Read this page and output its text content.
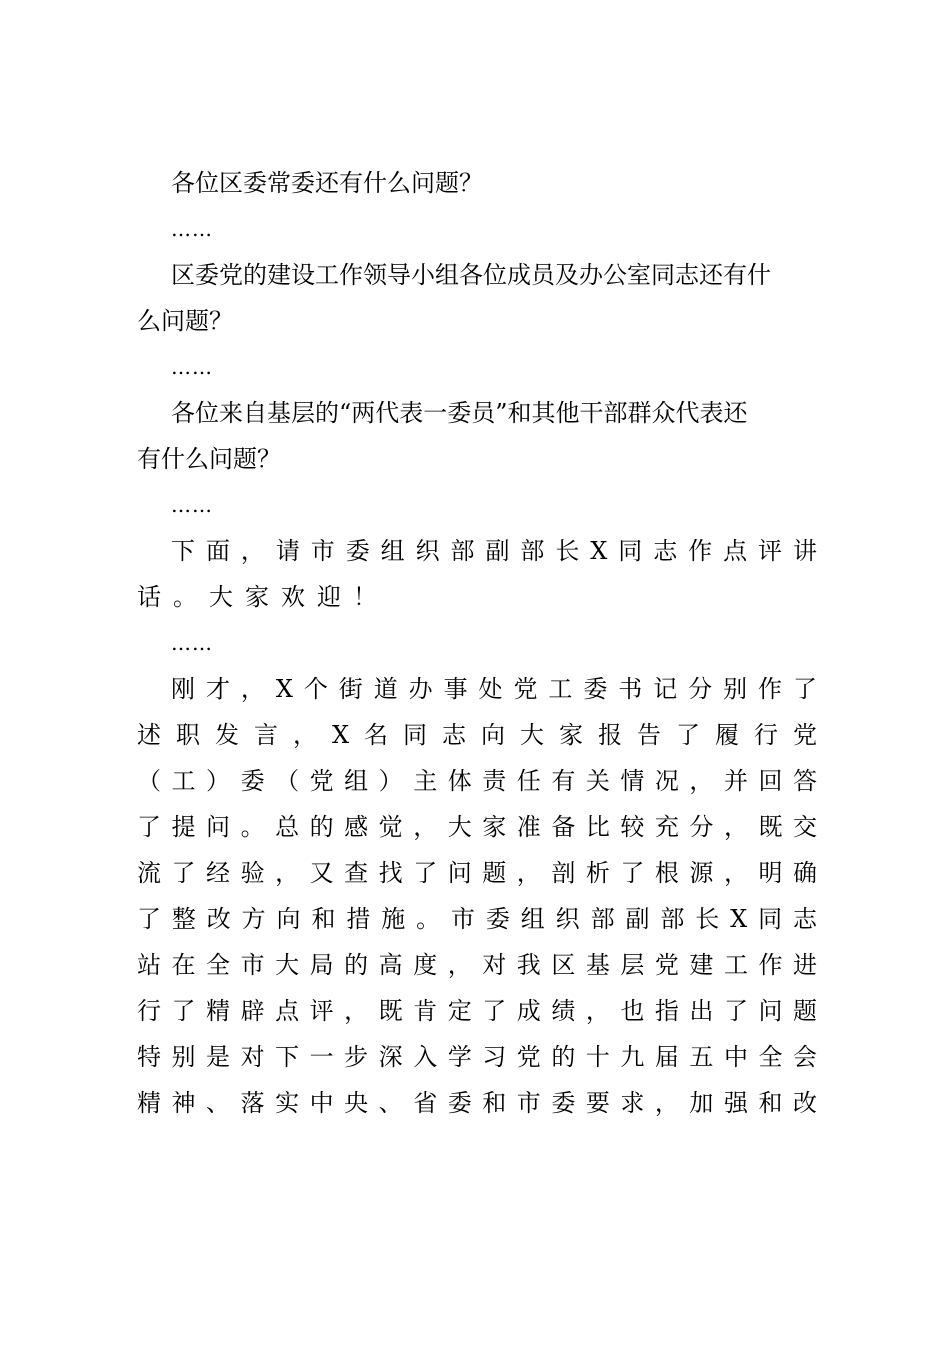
各位区委常委还有什么问题？
……
区委党的建设工作领导小组各位成员及办公室同志还有什
么问题？
……
各位来自基层的“两代表一委员”和其他干部群众代表还
有什么问题？
……
下面，请市委组织部副部长X同志作点评讲
话。大家欢迎！
……
刚才，X个街道办事处党工委书记分别作了
述职发言，X名同志向大家报告了履行党
（工）委（党组）主体责任有关情况，并回答
了提问。总的感觉，大家准备比较充分，既交
流了经验，又查找了问题，剖析了根源，明确
了整改方向和措施。市委组织部副部长X同志
站在全市大局的高度，对我区基层党建工作进
行了精辟点评，既肯定了成绩，也指出了问题
特别是对下一步深入学习党的十九届五中全会
精神、落实中央、省委和市委要求，加强和改
